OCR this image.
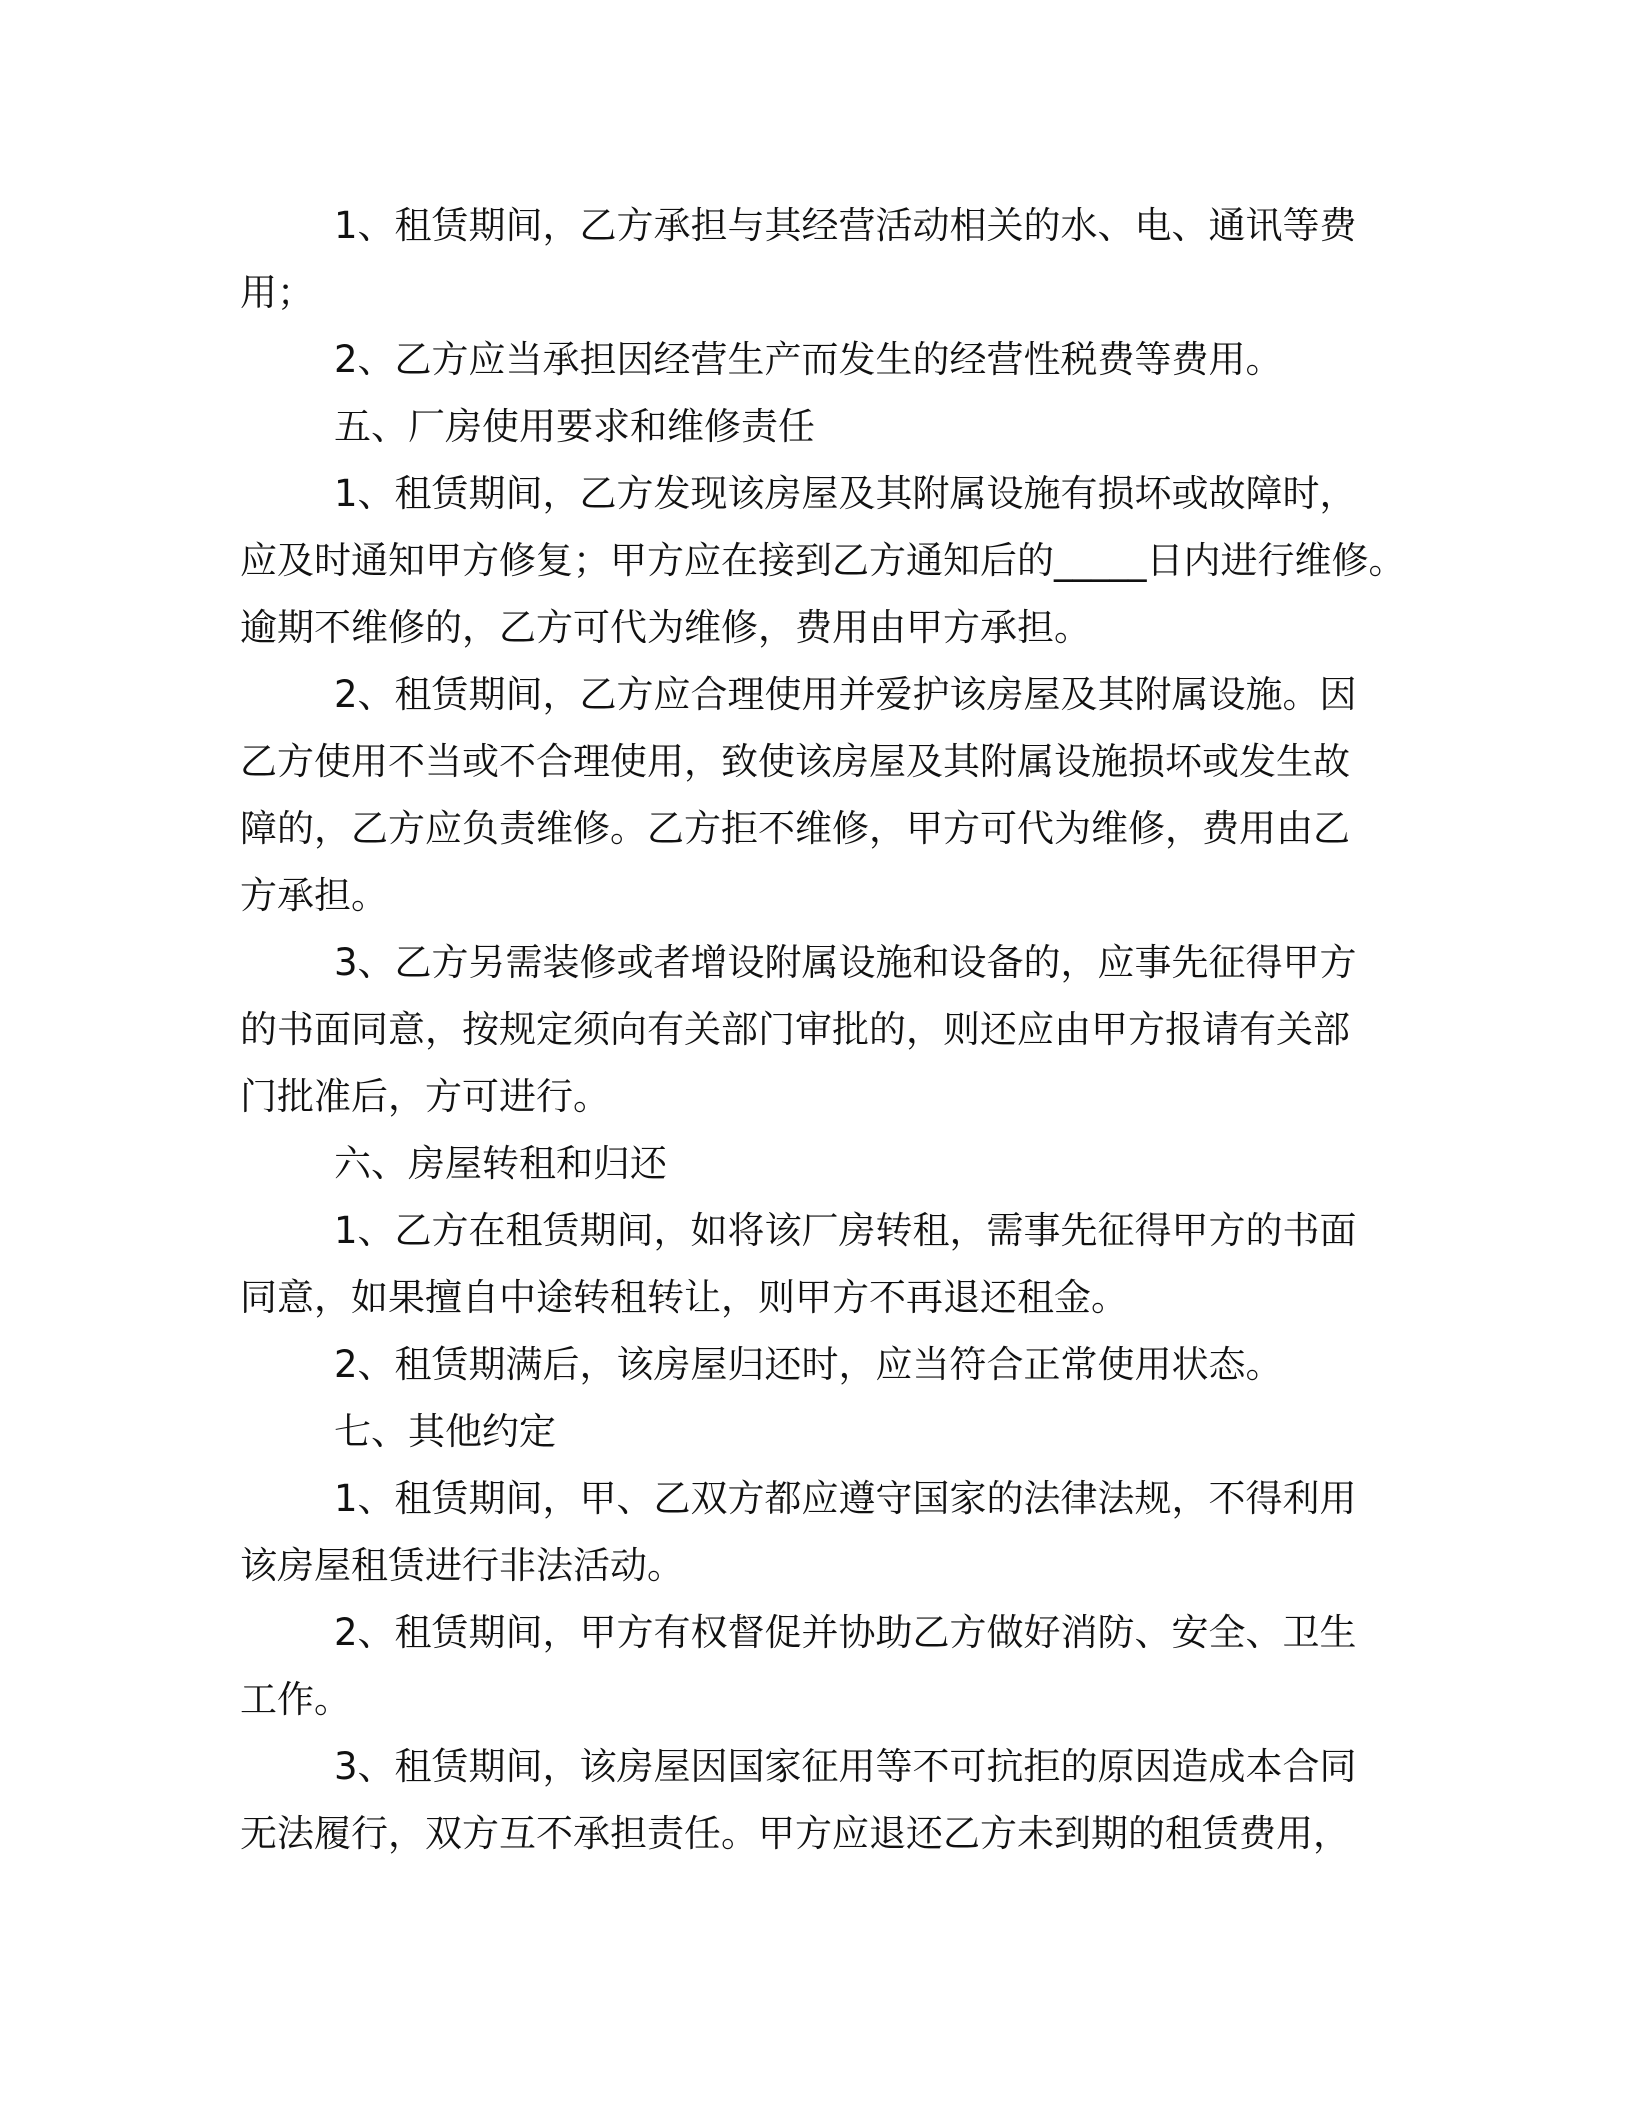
1、租赁期间，乙方承担与其经营活动相关的水、电、通讯等费
用；
2、乙方应当承担因经营生产而发生的经营性税费等费用。
五、厂房使用要求和维修责任
1、租赁期间，乙方发现该房屋及其附属设施有损坏或故障时，
应及时通知甲方修复；甲方应在接到乙方通知后的_____日内进行维修。
逾期不维修的，乙方可代为维修，费用由甲方承担。
2、租赁期间，乙方应合理使用并爱护该房屋及其附属设施。因
乙方使用不当或不合理使用，致使该房屋及其附属设施损坏或发生故
障的，乙方应负责维修。乙方拒不维修，甲方可代为维修，费用由乙
方承担。
3、乙方另需装修或者增设附属设施和设备的，应事先征得甲方
的书面同意，按规定须向有关部门审批的，则还应由甲方报请有关部
门批准后，方可进行。
六、房屋转租和归还
1、乙方在租赁期间，如将该厂房转租，需事先征得甲方的书面
同意，如果擅自中途转租转让，则甲方不再退还租金。
2、租赁期满后，该房屋归还时，应当符合正常使用状态。
七、其他约定
1、租赁期间，甲、乙双方都应遵守国家的法律法规，不得利用
该房屋租赁进行非法活动。
2、租赁期间，甲方有权督促并协助乙方做好消防、安全、卫生
工作。
3、租赁期间，该房屋因国家征用等不可抗拒的原因造成本合同
无法履行，双方互不承担责任。甲方应退还乙方未到期的租赁费用，
